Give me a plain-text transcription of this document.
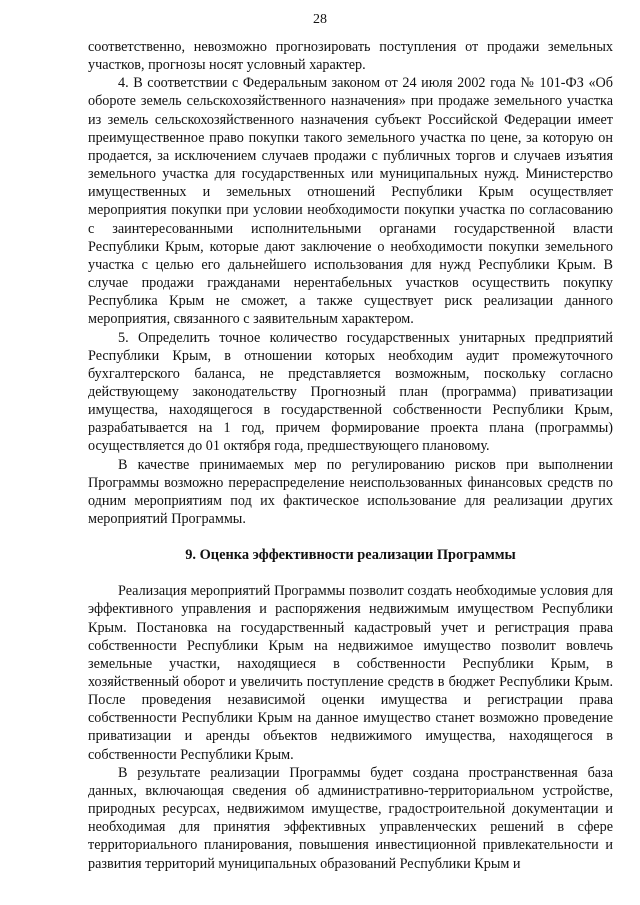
28

соответственно, невозможно прогнозировать поступления от продажи земельных участков, прогнозы носят условный характер.

4. В соответствии с Федеральным законом от 24 июля 2002 года № 101-ФЗ «Об обороте земель сельскохозяйственного назначения» при продаже земельного участка из земель сельскохозяйственного назначения субъект Российской Федерации имеет преимущественное право покупки такого земельного участка по цене, за которую он продается, за исключением случаев продажи с публичных торгов и случаев изъятия земельного участка для государственных или муниципальных нужд. Министерство имущественных и земельных отношений Республики Крым осуществляет мероприятия покупки при условии необходимости покупки участка по согласованию с заинтересованными исполнительными органами государственной власти Республики Крым, которые дают заключение о необходимости покупки земельного участка с целью его дальнейшего использования для нужд Республики Крым. В случае продажи гражданами нерентабельных участков осуществить покупку Республика Крым не сможет, а также существует риск реализации данного мероприятия, связанного с заявительным характером.

5. Определить точное количество государственных унитарных предприятий Республики Крым, в отношении которых необходим аудит промежуточного бухгалтерского баланса, не представляется возможным, поскольку согласно действующему законодательству Прогнозный план (программа) приватизации имущества, находящегося в государственной собственности Республики Крым, разрабатывается на 1 год, причем формирование проекта плана (программы) осуществляется до 01 октября года, предшествующего плановому.

В качестве принимаемых мер по регулированию рисков при выполнении Программы возможно перераспределение неиспользованных финансовых средств по одним мероприятиям под их фактическое использование для реализации других мероприятий Программы.

9. Оценка эффективности реализации Программы

Реализация мероприятий Программы позволит создать необходимые условия для эффективного управления и распоряжения недвижимым имуществом Республики Крым. Постановка на государственный кадастровый учет и регистрация права собственности Республики Крым на недвижимое имущество позволит вовлечь земельные участки, находящиеся в собственности Республики Крым, в хозяйственный оборот и увеличить поступление средств в бюджет Республики Крым. После проведения независимой оценки имущества и регистрации права собственности Республики Крым на данное имущество станет возможно проведение приватизации и аренды объектов недвижимого имущества, находящегося в собственности Республики Крым.

В результате реализации Программы будет создана пространственная база данных, включающая сведения об административно-территориальном устройстве, природных ресурсах, недвижимом имуществе, градостроительной документации и необходимая для принятия эффективных управленческих решений в сфере территориального планирования, повышения инвестиционной привлекательности и развития территорий муниципальных образований Республики Крым и
